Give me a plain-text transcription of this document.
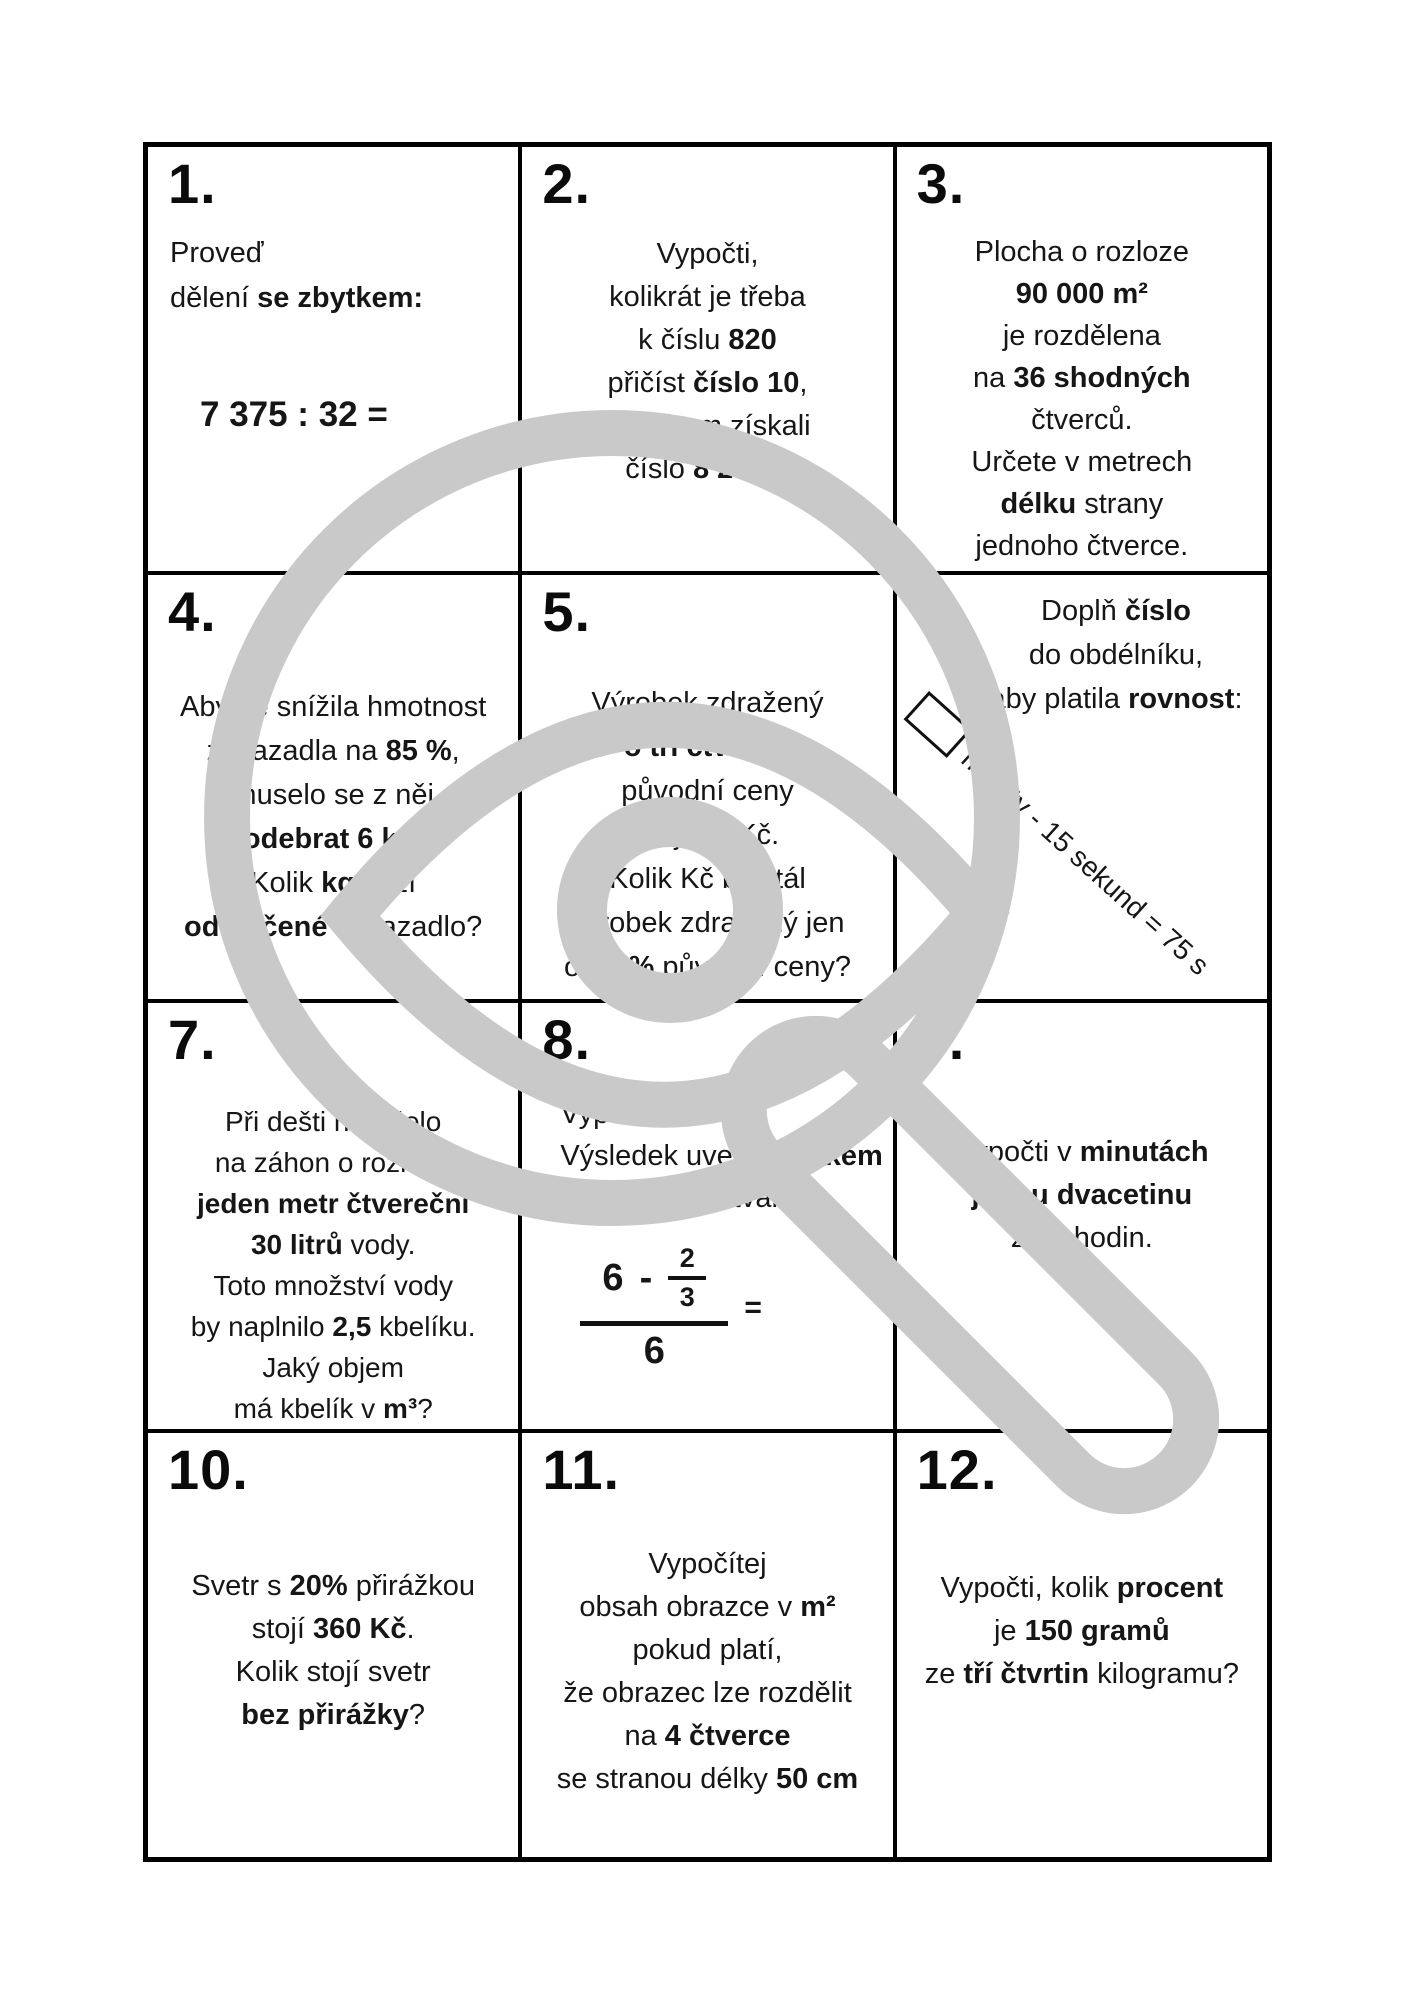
1.
Proveď
dělení se zbytkem:
7 375 : 32 =
2.
Vypočti,
kolikrát je třeba
k číslu 820
přičíst číslo 10,
abychom získali
číslo 8 200 ?
3.
Plocha o rozloze
90 000 m²
je rozdělena
na 36 shodných
čtverců.
Určete v metrech
délku strany
jednoho čtverce.
4.
Aby se snížila hmotnost
zavazadla na 85 %,
muselo se z něj
odebrat 6 kg.
Kolik kg váží
odlehčené zavazadlo?
5.
Výrobek zdražený
o tři čtvrtiny
původní ceny
stojí 28 Kč.
Kolik Kč by stál
výrobek zdražený jen
o 50 % původní ceny?
6.	Doplň číslo
do obdélníku,
aby platila rovnost:
minuty - 15 sekund = 75 s
7.
Při dešti napršelo
na záhon o rozloze
jeden metr čtvereční
30 litrů vody.
Toto množství vody
by naplnilo 2,5 kbelíku.
Jaký objem
má kbelík v m³?
8.
Vypočti.
Výsledek uveď zlomkem
(v základním tvaru)
6 - 2
3
6
=
9.
Vypočti v minutách
jednu dvacetinu
ze 2 hodin.
10.
Svetr s 20% přirážkou
stojí 360 Kč.
Kolik stojí svetr
bez přirážky?
11.
Vypočítej
obsah obrazce v m²
pokud platí,
že obrazec lze rozdělit
na 4 čtverce
se stranou délky 50 cm
12.
Vypočti, kolik procent
je 150 gramů
ze tří čtvrtin kilogramu?
